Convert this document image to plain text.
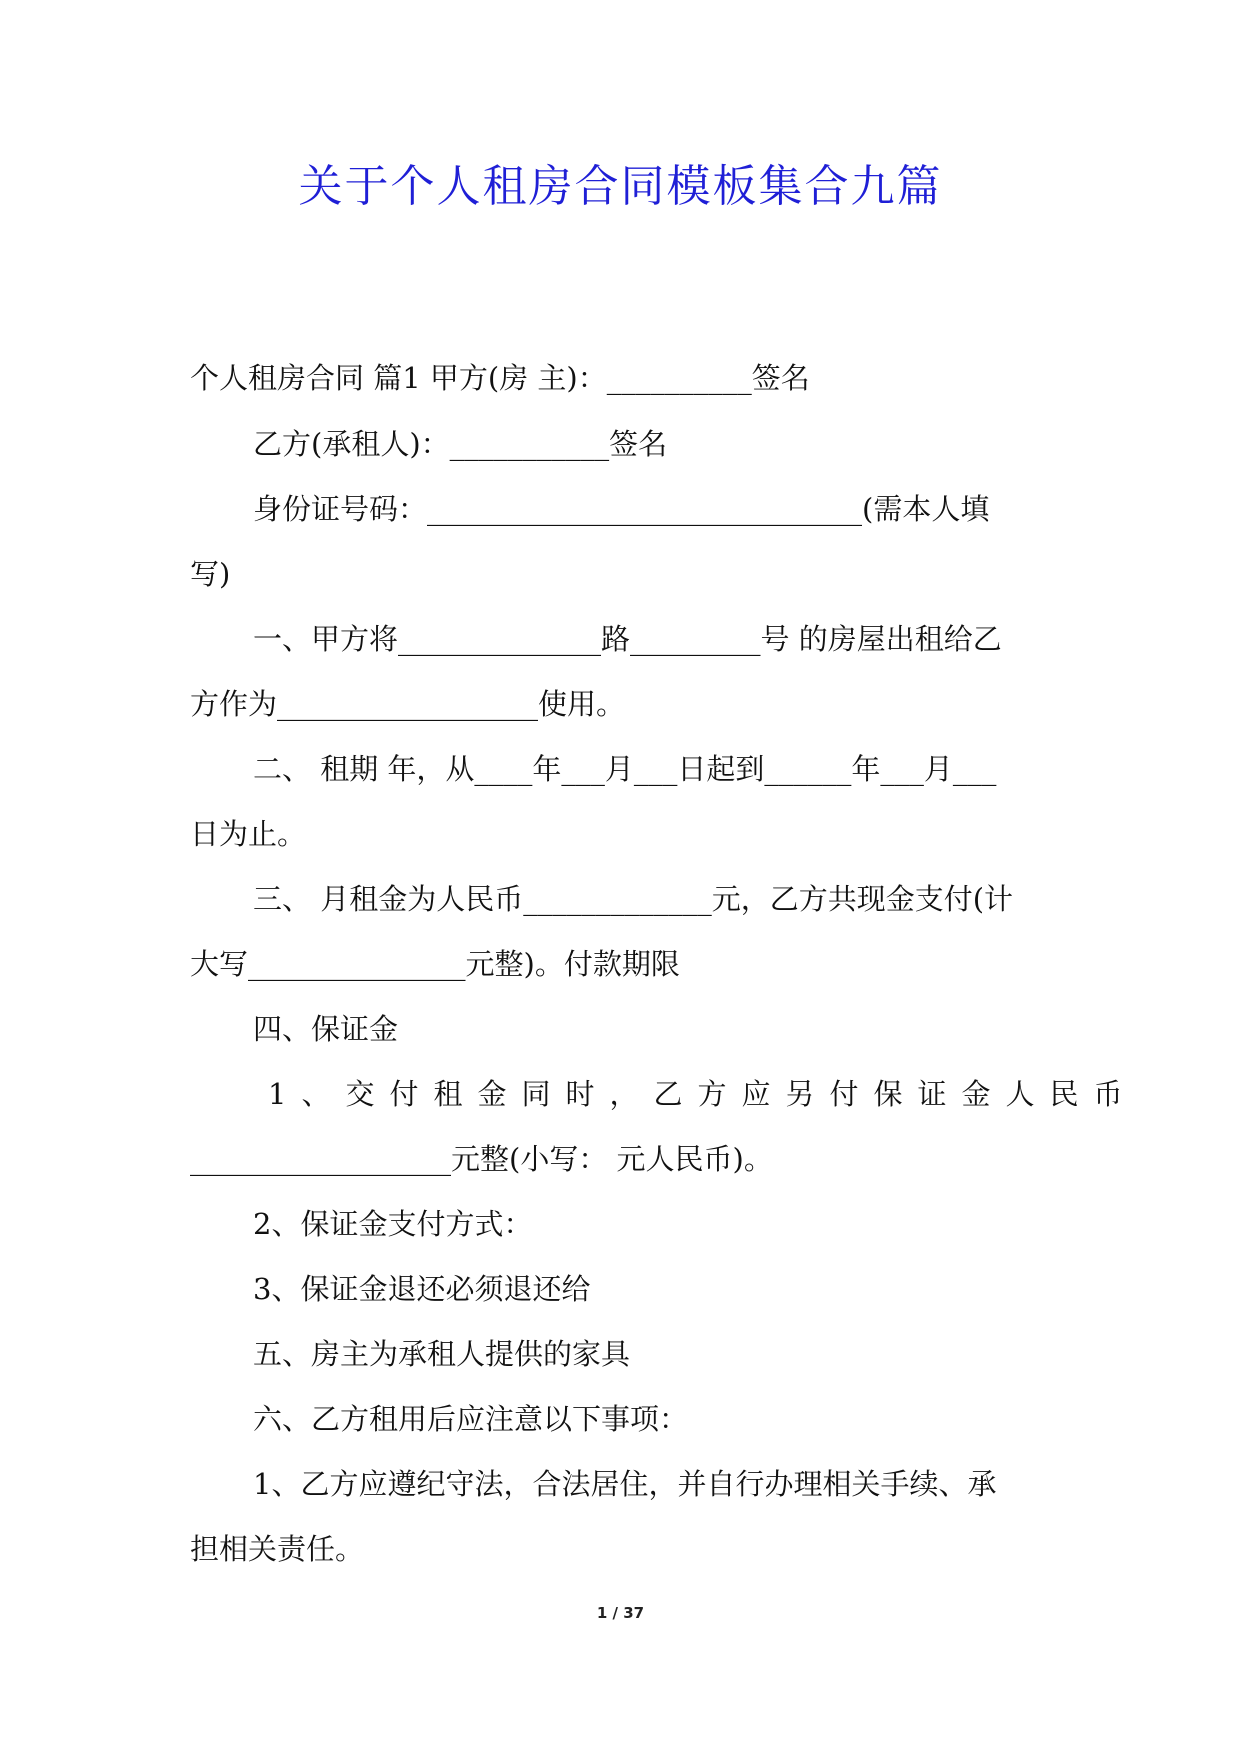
关于个人租房合同模板集合九篇
个人租房合同 篇1 甲方(房 主)：__________签名
乙方(承租人)：___________签名
身份证号码：______________________________(需本人填
写)
一、甲方将______________路_________号 的房屋出租给乙
方作为__________________使用。
二、 租期 年，从____年___月___日起到______年___月___
日为止。
三、 月租金为人民币_____________元，乙方共现金支付(计
大写_______________元整)。付款期限
四、保证金
1、交付租金同时，乙方应另付保证金人民币
__________________元整(小写： 元人民币)。
2、保证金支付方式：
3、保证金退还必须退还给
五、房主为承租人提供的家具
六、乙方租用后应注意以下事项：
1、乙方应遵纪守法，合法居住，并自行办理相关手续、承
担相关责任。
1 / 37
